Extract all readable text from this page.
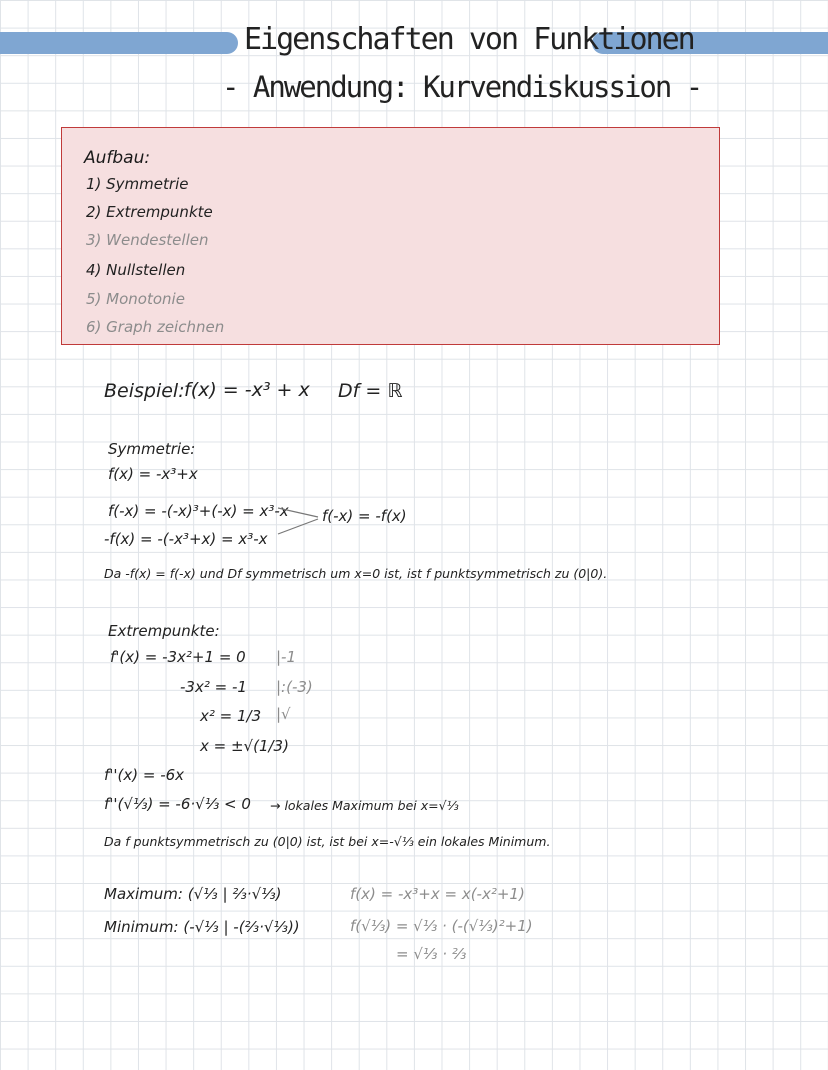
Eigenschaften von Funktionen
- Anwendung: Kurvendiskussion -
Aufbau:
1) Symmetrie
2) Extrempunkte
3) Wendestellen
4) Nullstellen
5) Monotonie
6) Graph zeichnen
Beispiel: f(x) = -x³ + x Df = ℝ
Symmetrie:
f(x) = -x³+x
f(-x) = -(-x)³+(-x) = x³-x
-f(x) = -(-x³+x) = x³-x
f(-x) = -f(x)
Da -f(x) = f(-x) und Df symmetrisch um x=0 ist, ist f punktsymmetrisch zu (0|0).
Extrempunkte:
f'(x) = -3x²+1 = 0 |-1
-3x² = -1 |:(-3)
x² = 1/3 |√
x = ±√(1/3)
f''(x) = -6x
f''(√⅓) = -6·√⅓ < 0 → lokales Maximum bei x=√⅓
Da f punktsymmetrisch zu (0|0) ist, ist bei x=-√⅓ ein lokales Minimum.
Maximum: (√⅓ | ⅔·√⅓)
Minimum: (-√⅓ | -(⅔·√⅓))
f(x) = -x³+x = x(-x²+1)
f(√⅓) = √⅓ · (-(√⅓)²+1)
= √⅓ · ⅔
